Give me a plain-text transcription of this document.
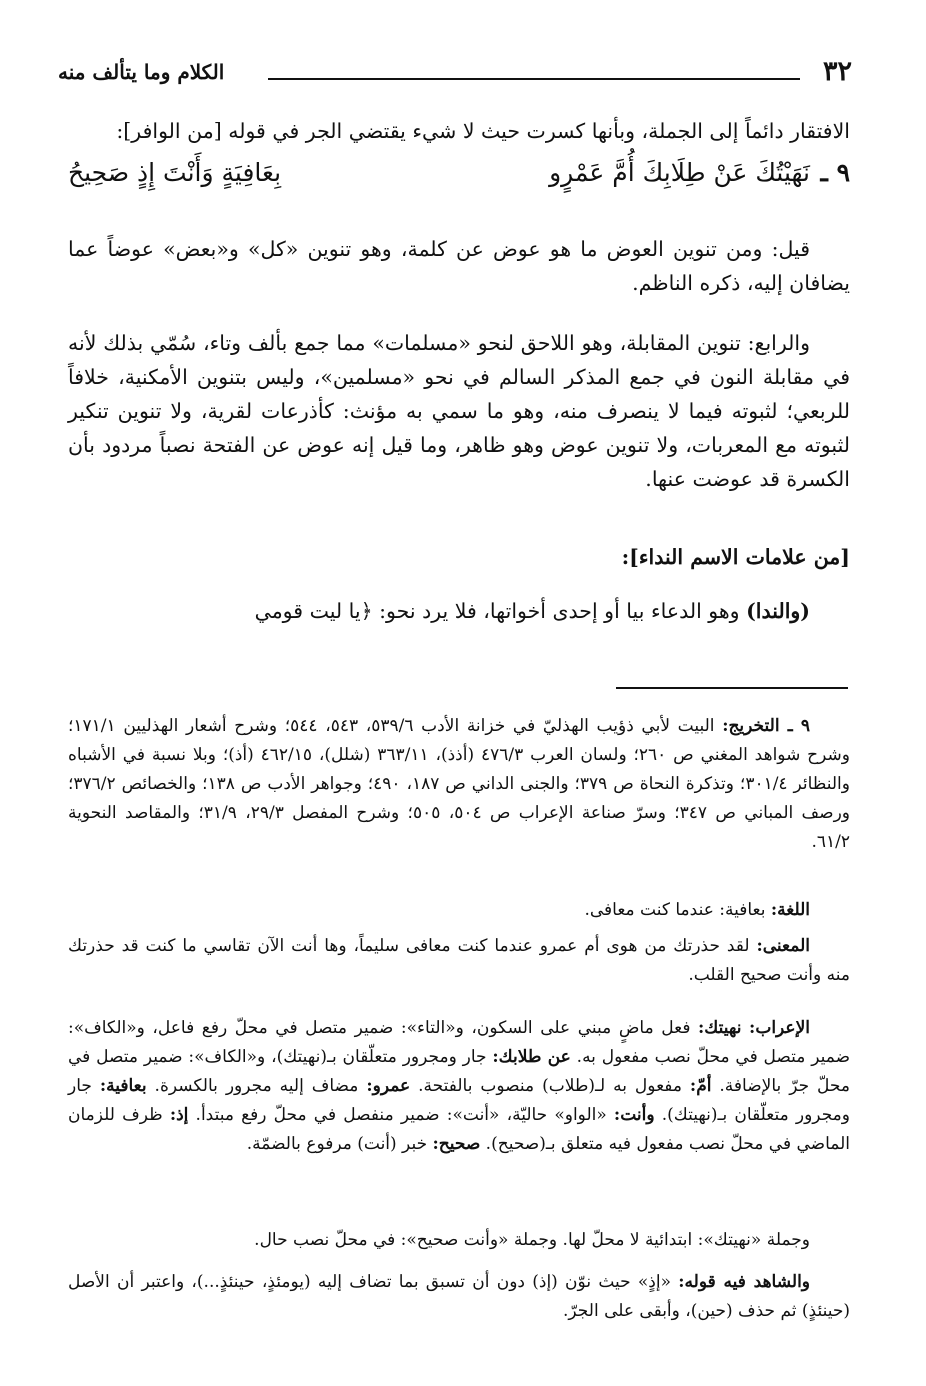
٣٢
الكلام وما يتألف منه

الافتقار دائماً إلى الجملة، وبأنها كسرت حيث لا شيء يقتضي الجر في قوله [من الوافر]:

٩ ـ
نَهَيْتُكَ عَنْ طِلَابِكَ أُمَّ عَمْرٍو
بِعَافِيَةٍ وَأَنْتَ إِذٍ صَحِيحُ

قيل: ومن تنوين العوض ما هو عوض عن كلمة، وهو تنوين «كل» و«بعض» عوضاً عما يضافان إليه، ذكره الناظم.

والرابع: تنوين المقابلة، وهو اللاحق لنحو «مسلمات» مما جمع بألف وتاء، سُمّي بذلك لأنه في مقابلة النون في جمع المذكر السالم في نحو «مسلمين»، وليس بتنوين الأمكنية، خلافاً للربعي؛ لثبوته فيما لا ينصرف منه، وهو ما سمي به مؤنث: كأذرعات لقرية، ولا تنوين تنكير لثبوته مع المعربات، ولا تنوين عوض وهو ظاهر، وما قيل إنه عوض عن الفتحة نصباً مردود بأن الكسرة قد عوضت عنها.

[من علامات الاسم النداء]:

(والندا) وهو الدعاء بيا أو إحدى أخواتها، فلا يرد نحو: ﴿يا ليت قومي

٩ ـ التخريج: البيت لأبي ذؤيب الهذليّ في خزانة الأدب ٥٣٩/٦، ٥٤٣، ٥٤٤؛ وشرح أشعار الهذليين ١٧١/١؛ وشرح شواهد المغني ص ٢٦٠؛ ولسان العرب ٤٧٦/٣ (أذذ)، ٣٦٣/١١ (شلل)، ٤٦٢/١٥ (أذ)؛ وبلا نسبة في الأشباه والنظائر ٣٠١/٤؛ وتذكرة النحاة ص ٣٧٩؛ والجنى الداني ص ١٨٧، ٤٩٠؛ وجواهر الأدب ص ١٣٨؛ والخصائص ٣٧٦/٢؛ ورصف المباني ص ٣٤٧؛ وسرّ صناعة الإعراب ص ٥٠٤، ٥٠٥؛ وشرح المفصل ٢٩/٣، ٣١/٩؛ والمقاصد النحوية ٦١/٢.

اللغة: بعافية: عندما كنت معافى.

المعنى: لقد حذرتك من هوى أم عمرو عندما كنت معافى سليماً، وها أنت الآن تقاسي ما كنت قد حذرتك منه وأنت صحيح القلب.

الإعراب: نهيتك: فعل ماضٍ مبني على السكون، و«التاء»: ضمير متصل في محلّ رفع فاعل، و«الكاف»: ضمير متصل في محلّ نصب مفعول به. عن طلابك: جار ومجرور متعلّقان بـ(نهيتك)، و«الكاف»: ضمير متصل في محلّ جرّ بالإضافة. أمّ: مفعول به لـ(طلاب) منصوب بالفتحة. عمرو: مضاف إليه مجرور بالكسرة. بعافية: جار ومجرور متعلّقان بـ(نهيتك). وأنت: «الواو» حاليّة، «أنت»: ضمير منفصل في محلّ رفع مبتدأ. إذ: ظرف للزمان الماضي في محلّ نصب مفعول فيه متعلق بـ(صحيح). صحيح: خبر (أنت) مرفوع بالضمّة.

وجملة «نهيتك»: ابتدائية لا محلّ لها. وجملة «وأنت صحيح»: في محلّ نصب حال.

والشاهد فيه قوله: «إذٍ» حيث نوّن (إذ) دون أن تسبق بما تضاف إليه (يومئذٍ، حينئذٍ...)، واعتبر أن الأصل (حينئذٍ) ثم حذف (حين)، وأبقى على الجرّ.
